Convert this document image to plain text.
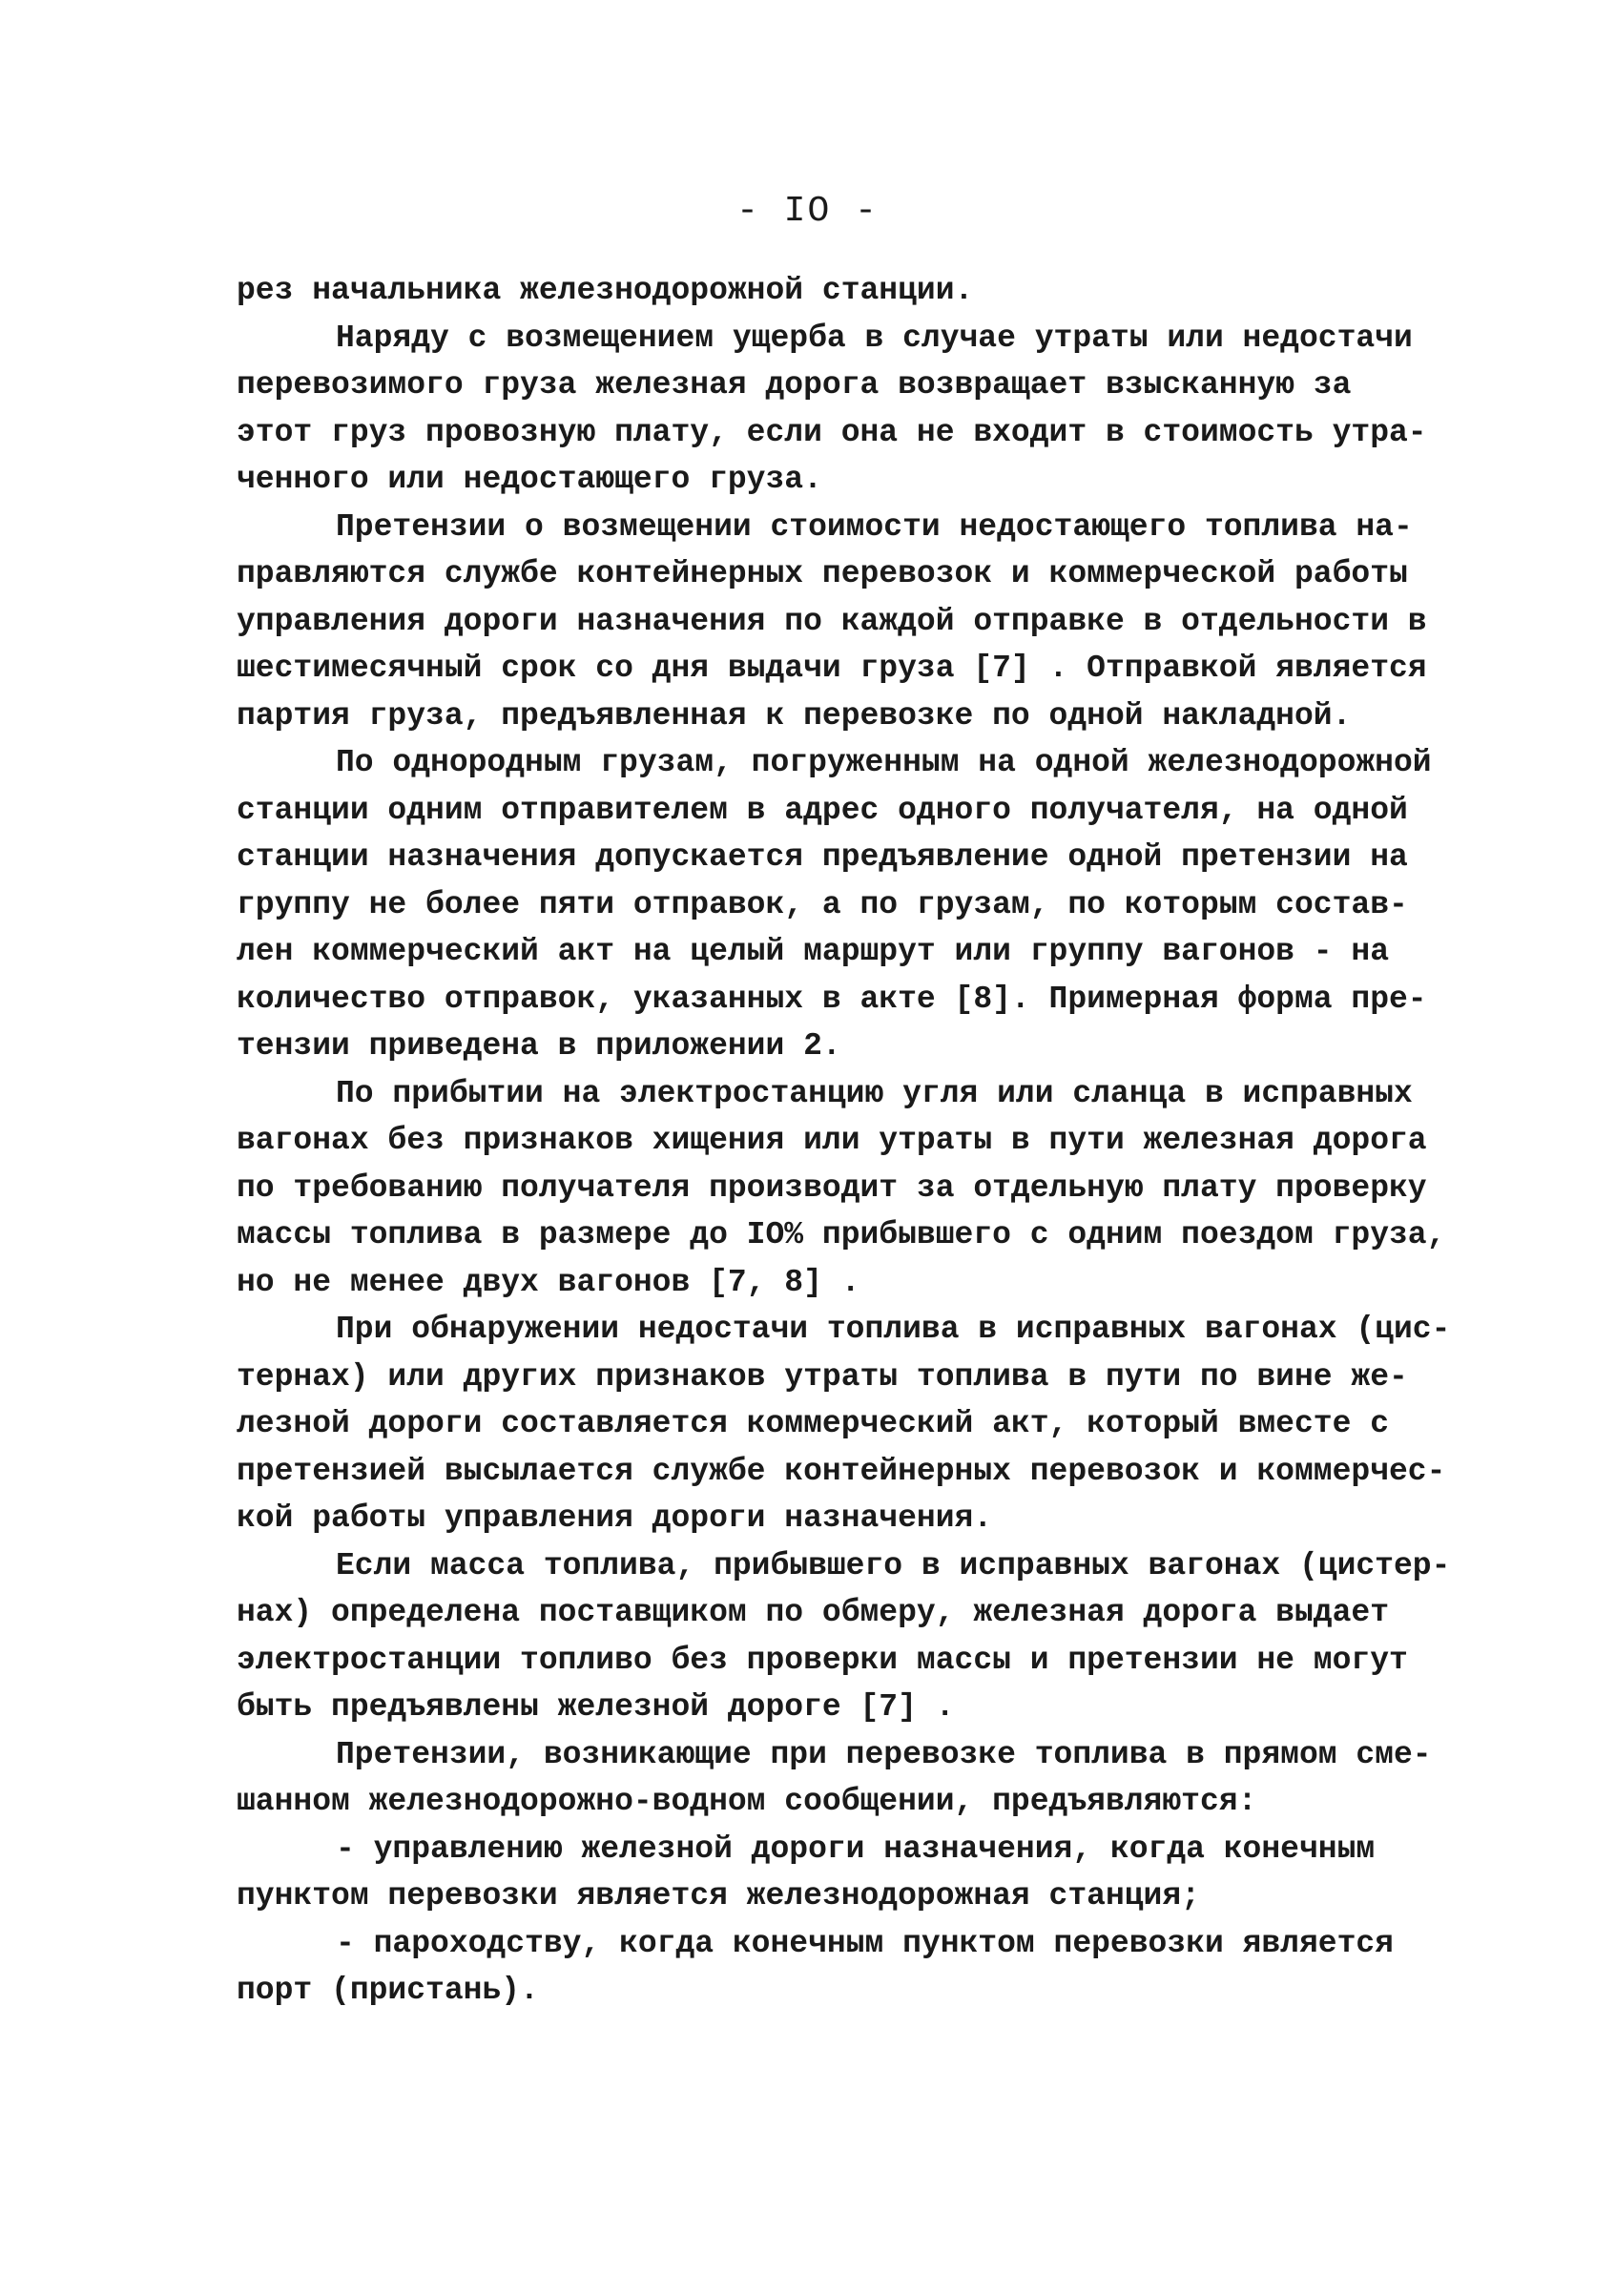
- IO -
рез начальника железнодорожной станции.
Наряду с возмещением ущерба в случае утраты или недостачи
перевозимого груза железная дорога возвращает взысканную за
этот груз провозную плату, если она не входит в стоимость утра-
ченного или недостающего груза.
Претензии о возмещении стоимости недостающего топлива на-
правляются службе контейнерных перевозок и коммерческой работы
управления дороги назначения по каждой отправке в отдельности в
шестимесячный срок со дня выдачи груза [7] . Отправкой является
партия груза, предъявленная к перевозке по одной накладной.
По однородным грузам, погруженным на одной железнодорожной
станции одним отправителем в адрес одного получателя, на одной
станции назначения допускается предъявление одной претензии на
группу не более пяти отправок, а по грузам, по которым состав-
лен коммерческий акт на целый маршрут или группу вагонов - на
количество отправок, указанных в акте [8]. Примерная форма пре-
тензии приведена в приложении 2.
По прибытии на электростанцию угля или сланца в исправных
вагонах без признаков хищения или утраты в пути железная дорога
по требованию получателя производит за отдельную плату проверку
массы топлива в размере до IO% прибывшего с одним поездом груза,
но не менее двух вагонов [7, 8] .
При обнаружении недостачи топлива в исправных вагонах (цис-
тернах) или других признаков утраты топлива в пути по вине же-
лезной дороги составляется коммерческий акт, который вместе с
претензией высылается службе контейнерных перевозок и коммерчес-
кой работы управления дороги назначения.
Если масса топлива, прибывшего в исправных вагонах (цистер-
нах) определена поставщиком по обмеру, железная дорога выдает
электростанции топливо без проверки массы и претензии не могут
быть предъявлены железной дороге [7] .
Претензии, возникающие при перевозке топлива в прямом сме-
шанном железнодорожно-водном сообщении, предъявляются:
- управлению железной дороги назначения, когда конечным
пунктом перевозки является железнодорожная станция;
- пароходству, когда конечным пунктом перевозки является
порт (пристань).
